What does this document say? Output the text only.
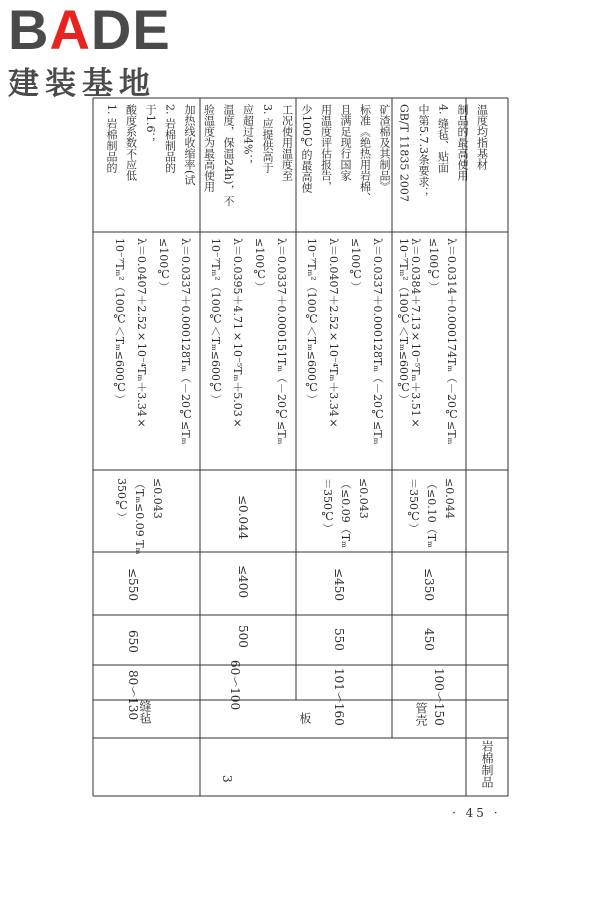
BADE
建装基地
· 45 ·
缝毡
80～130
650
≤550
≤0.043（Tₘ≤0.09 Tₘ 350℃）
λ＝0.0337＋0.000128Tₘ（－20℃≤Tₘ
≤100℃）
λ＝0.0407＋2.52×10⁻⁴Tₘ＋3.34×
10⁻⁷Tₘ²（100℃＜Tₘ≤600℃）
60～100
500
≤400
≤0.044
λ＝0.0337＋0.000151Tₘ（－20℃≤Tₘ
≤100℃）
λ＝0.0395＋4.71×10⁻⁵Tₘ＋5.03×
10⁻⁷Tₘ²（100℃＜Tₘ≤600℃）
板 101～160
550
≤450
≤0.043（≤0.09（Tₘ＝350℃）
λ＝0.0337＋0.000128Tₘ（－20℃≤Tₘ
≤100℃）
λ＝0.0407＋2.52×10⁻⁴Tₘ＋3.34×
10⁻⁷Tₘ²（100℃＜Tₘ≤600℃）
管壳 100～150
450
≤350
≤0.044（≤0.10（Tₘ＝350℃）
λ＝0.0314＋0.000174Tₘ（－20℃≤Tₘ
≤100℃）
λ＝0.0384＋7.13×10⁻⁵Tₘ＋3.51×
10⁻⁷Tₘ²（100℃＜Tₘ≤600℃）
岩棉制品
3
1. 岩棉制品的 酸度系数不应低 于1.6； 2. 岩棉制品的 加热线收缩率(试 验温度为最高使用 温度，保温24h)，不 应超过4%； 3. 应提供高于 工况使用温度至 少100℃的最高使 用温度评估报告， 且满足现行国家 标准《绝热用岩棉、 矿渣棉及其制品》 GB/T 11835 2007 中第5.7.3条要求； 4. 缝毡、贴面 制品的最高使用 温度均指基材
